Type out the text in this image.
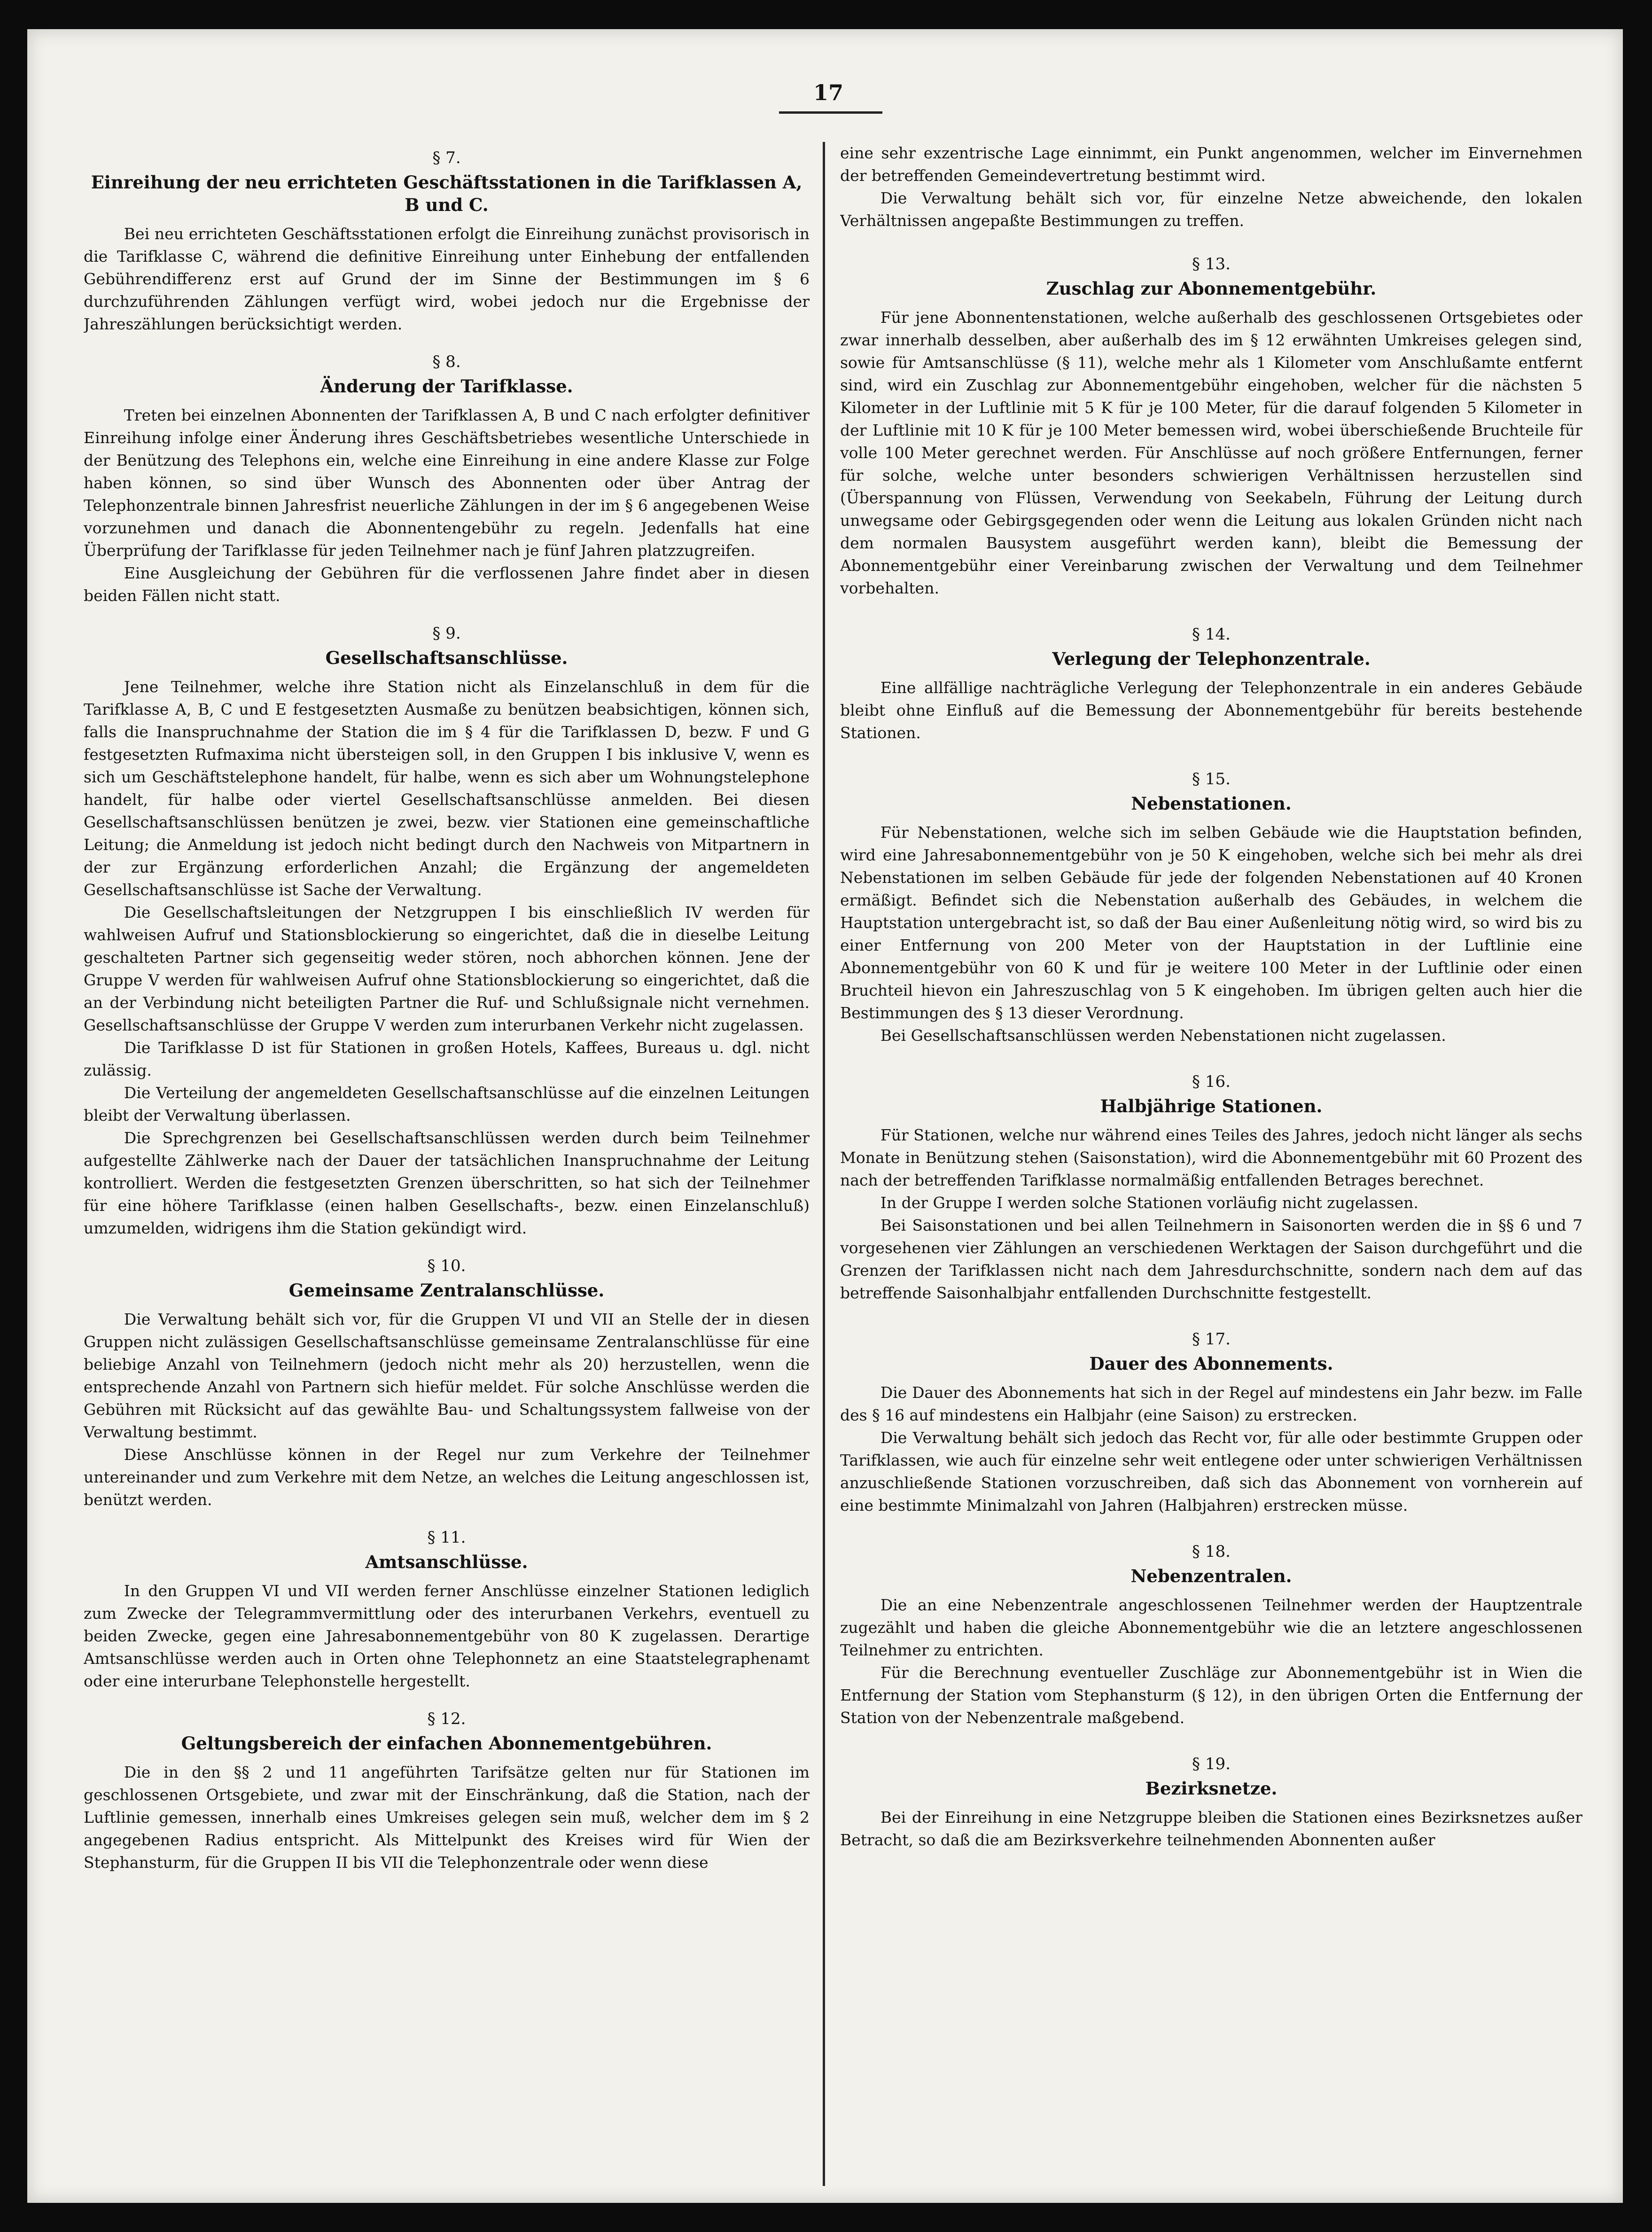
17
§ 7.
Einreihung der neu errichteten Geschäftsstationen in die Tarifklassen A, B und C.

Bei neu errichteten Geschäftsstationen erfolgt die Einreihung zunächst provisorisch in die Tarifklasse C, während die definitive Einreihung unter Einhebung der entfallenden Gebührendifferenz erst auf Grund der im Sinne der Bestimmungen im § 6 durchzuführenden Zählungen verfügt wird, wobei jedoch nur die Ergebnisse der Jahreszählungen berücksichtigt werden.

§ 8.
Änderung der Tarifklasse.

Treten bei einzelnen Abonnenten der Tarifklassen A, B und C nach erfolgter definitiver Einreihung infolge einer Änderung ihres Geschäftsbetriebes wesentliche Unterschiede in der Benützung des Telephons ein, welche eine Einreihung in eine andere Klasse zur Folge haben können, so sind über Wunsch des Abonnenten oder über Antrag der Telephonzentrale binnen Jahresfrist neuerliche Zählungen in der im § 6 angegebenen Weise vorzunehmen und danach die Abonnentengebühr zu regeln. Jedenfalls hat eine Überprüfung der Tarifklasse für jeden Teilnehmer nach je fünf Jahren platzzugreifen.

Eine Ausgleichung der Gebühren für die verflossenen Jahre findet aber in diesen beiden Fällen nicht statt.

§ 9.
Gesellschaftsanschlüsse.

Jene Teilnehmer, welche ihre Station nicht als Einzelanschluß in dem für die Tarifklasse A, B, C und E festgesetzten Ausmaße zu benützen beabsichtigen, können sich, falls die Inanspruchnahme der Station die im § 4 für die Tarifklassen D, bezw. F und G festgesetzten Rufmaxima nicht übersteigen soll, in den Gruppen I bis inklusive V, wenn es sich um Geschäftstelephone handelt, für halbe, wenn es sich aber um Wohnungstelephone handelt, für halbe oder viertel Gesellschaftsanschlüsse anmelden. Bei diesen Gesellschaftsanschlüssen benützen je zwei, bezw. vier Stationen eine gemeinschaftliche Leitung; die Anmeldung ist jedoch nicht bedingt durch den Nachweis von Mitpartnern in der zur Ergänzung erforderlichen Anzahl; die Ergänzung der angemeldeten Gesellschaftsanschlüsse ist Sache der Verwaltung.

Die Gesellschaftsleitungen der Netzgruppen I bis einschließlich IV werden für wahlweisen Aufruf und Stationsblockierung so eingerichtet, daß die in dieselbe Leitung geschalteten Partner sich gegenseitig weder stören, noch abhorchen können. Jene der Gruppe V werden für wahlweisen Aufruf ohne Stationsblockierung so eingerichtet, daß die an der Verbindung nicht beteiligten Partner die Ruf- und Schlußsignale nicht vernehmen. Gesellschaftsanschlüsse der Gruppe V werden zum interurbanen Verkehr nicht zugelassen.

Die Tarifklasse D ist für Stationen in großen Hotels, Kaffees, Bureaus u. dgl. nicht zulässig.

Die Verteilung der angemeldeten Gesellschaftsanschlüsse auf die einzelnen Leitungen bleibt der Verwaltung überlassen.

Die Sprechgrenzen bei Gesellschaftsanschlüssen werden durch beim Teilnehmer aufgestellte Zählwerke nach der Dauer der tatsächlichen Inanspruchnahme der Leitung kontrolliert. Werden die festgesetzten Grenzen überschritten, so hat sich der Teilnehmer für eine höhere Tarifklasse (einen halben Gesellschafts-, bezw. einen Einzelanschluß) umzumelden, widrigens ihm die Station gekündigt wird.

§ 10.
Gemeinsame Zentralanschlüsse.

Die Verwaltung behält sich vor, für die Gruppen VI und VII an Stelle der in diesen Gruppen nicht zulässigen Gesellschaftsanschlüsse gemeinsame Zentralanschlüsse für eine beliebige Anzahl von Teilnehmern (jedoch nicht mehr als 20) herzustellen, wenn die entsprechende Anzahl von Partnern sich hiefür meldet. Für solche Anschlüsse werden die Gebühren mit Rücksicht auf das gewählte Bau- und Schaltungssystem fallweise von der Verwaltung bestimmt.

Diese Anschlüsse können in der Regel nur zum Verkehre der Teilnehmer untereinander und zum Verkehre mit dem Netze, an welches die Leitung angeschlossen ist, benützt werden.

§ 11.
Amtsanschlüsse.

In den Gruppen VI und VII werden ferner Anschlüsse einzelner Stationen lediglich zum Zwecke der Telegrammvermittlung oder des interurbanen Verkehrs, eventuell zu beiden Zwecke, gegen eine Jahresabonnementgebühr von 80 K zugelassen. Derartige Amtsanschlüsse werden auch in Orten ohne Telephonnetz an eine Staatstelegraphenamt oder eine interurbane Telephonstelle hergestellt.

§ 12.
Geltungsbereich der einfachen Abonnementgebühren.

Die in den §§ 2 und 11 angeführten Tarifsätze gelten nur für Stationen im geschlossenen Ortsgebiete, und zwar mit der Einschränkung, daß die Station, nach der Luftlinie gemessen, innerhalb eines Umkreises gelegen sein muß, welcher dem im § 2 angegebenen Radius entspricht. Als Mittelpunkt des Kreises wird für Wien der Stephansturm, für die Gruppen II bis VII die Telephonzentrale oder wenn diese

eine sehr exzentrische Lage einnimmt, ein Punkt angenommen, welcher im Einvernehmen der betreffenden Gemeindevertretung bestimmt wird.

Die Verwaltung behält sich vor, für einzelne Netze abweichende, den lokalen Verhältnissen angepaßte Bestimmungen zu treffen.

§ 13.
Zuschlag zur Abonnementgebühr.

Für jene Abonnentenstationen, welche außerhalb des geschlossenen Ortsgebietes oder zwar innerhalb desselben, aber außerhalb des im § 12 erwähnten Umkreises gelegen sind, sowie für Amtsanschlüsse (§ 11), welche mehr als 1 Kilometer vom Anschlußamte entfernt sind, wird ein Zuschlag zur Abonnementgebühr eingehoben, welcher für die nächsten 5 Kilometer in der Luftlinie mit 5 K für je 100 Meter, für die darauf folgenden 5 Kilometer in der Luftlinie mit 10 K für je 100 Meter bemessen wird, wobei überschießende Bruchteile für volle 100 Meter gerechnet werden. Für Anschlüsse auf noch größere Entfernungen, ferner für solche, welche unter besonders schwierigen Verhältnissen herzustellen sind (Überspannung von Flüssen, Verwendung von Seekabeln, Führung der Leitung durch unwegsame oder Gebirgsgegenden oder wenn die Leitung aus lokalen Gründen nicht nach dem normalen Bausystem ausgeführt werden kann), bleibt die Bemessung der Abonnementgebühr einer Vereinbarung zwischen der Verwaltung und dem Teilnehmer vorbehalten.

§ 14.
Verlegung der Telephonzentrale.

Eine allfällige nachträgliche Verlegung der Telephonzentrale in ein anderes Gebäude bleibt ohne Einfluß auf die Bemessung der Abonnementgebühr für bereits bestehende Stationen.

§ 15.
Nebenstationen.

Für Nebenstationen, welche sich im selben Gebäude wie die Hauptstation befinden, wird eine Jahresabonnementgebühr von je 50 K eingehoben, welche sich bei mehr als drei Nebenstationen im selben Gebäude für jede der folgenden Nebenstationen auf 40 Kronen ermäßigt. Befindet sich die Nebenstation außerhalb des Gebäudes, in welchem die Hauptstation untergebracht ist, so daß der Bau einer Außenleitung nötig wird, so wird bis zu einer Entfernung von 200 Meter von der Hauptstation in der Luftlinie eine Abonnementgebühr von 60 K und für je weitere 100 Meter in der Luftlinie oder einen Bruchteil hievon ein Jahreszuschlag von 5 K eingehoben. Im übrigen gelten auch hier die Bestimmungen des § 13 dieser Verordnung.

Bei Gesellschaftsanschlüssen werden Nebenstationen nicht zugelassen.

§ 16.
Halbjährige Stationen.

Für Stationen, welche nur während eines Teiles des Jahres, jedoch nicht länger als sechs Monate in Benützung stehen (Saisonstation), wird die Abonnementgebühr mit 60 Prozent des nach der betreffenden Tarifklasse normalmäßig entfallenden Betrages berechnet.

In der Gruppe I werden solche Stationen vorläufig nicht zugelassen.

Bei Saisonstationen und bei allen Teilnehmern in Saisonorten werden die in §§ 6 und 7 vorgesehenen vier Zählungen an verschiedenen Werktagen der Saison durchgeführt und die Grenzen der Tarifklassen nicht nach dem Jahresdurchschnitte, sondern nach dem auf das betreffende Saisonhalbjahr entfallenden Durchschnitte festgestellt.

§ 17.
Dauer des Abonnements.

Die Dauer des Abonnements hat sich in der Regel auf mindestens ein Jahr bezw. im Falle des § 16 auf mindestens ein Halbjahr (eine Saison) zu erstrecken.

Die Verwaltung behält sich jedoch das Recht vor, für alle oder bestimmte Gruppen oder Tarifklassen, wie auch für einzelne sehr weit entlegene oder unter schwierigen Verhältnissen anzuschließende Stationen vorzuschreiben, daß sich das Abonnement von vornherein auf eine bestimmte Minimalzahl von Jahren (Halbjahren) erstrecken müsse.

§ 18.
Nebenzentralen.

Die an eine Nebenzentrale angeschlossenen Teilnehmer werden der Hauptzentrale zugezählt und haben die gleiche Abonnementgebühr wie die an letztere angeschlossenen Teilnehmer zu entrichten.

Für die Berechnung eventueller Zuschläge zur Abonnementgebühr ist in Wien die Entfernung der Station vom Stephansturm (§ 12), in den übrigen Orten die Entfernung der Station von der Nebenzentrale maßgebend.

§ 19.
Bezirksnetze.

Bei der Einreihung in eine Netzgruppe bleiben die Stationen eines Bezirksnetzes außer Betracht, so daß die am Bezirksverkehre teilnehmenden Abonnenten außer
